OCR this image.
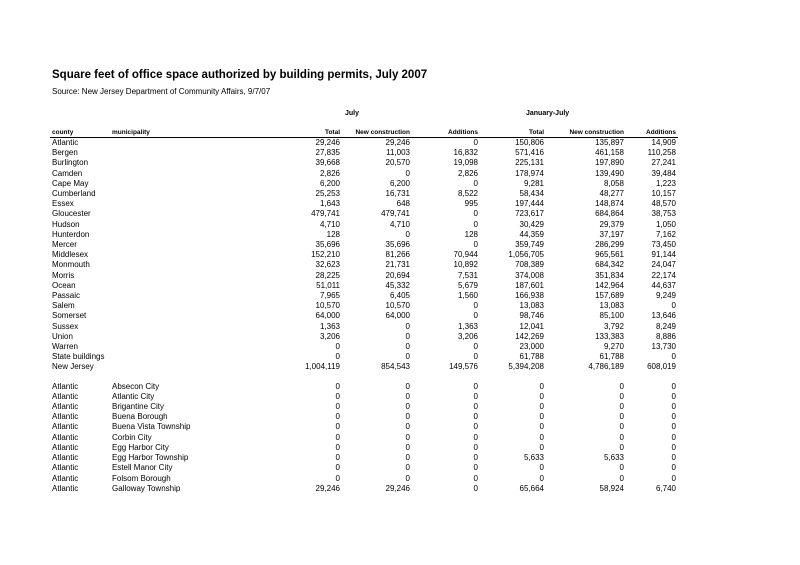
Square feet of office space authorized by building permits, July 2007
Source: New Jersey Department of Community Affairs, 9/7/07
July	January-July
county	municipality	Total	New construction	Additions	Total	New construction	Additions
Atlantic		29,246	29,246	0	150,806	135,897	14,909
Bergen		27,835	11,003	16,832	571,416	461,158	110,258
Burlington		39,668	20,570	19,098	225,131	197,890	27,241
Camden		2,826	0	2,826	178,974	139,490	39,484
Cape May		6,200	6,200	0	9,281	8,058	1,223
Cumberland		25,253	16,731	8,522	58,434	48,277	10,157
Essex		1,643	648	995	197,444	148,874	48,570
Gloucester		479,741	479,741	0	723,617	684,864	38,753
Hudson		4,710	4,710	0	30,429	29,379	1,050
Hunterdon		128	0	128	44,359	37,197	7,162
Mercer		35,696	35,696	0	359,749	286,299	73,450
Middlesex		152,210	81,266	70,944	1,056,705	965,561	91,144
Monmouth		32,623	21,731	10,892	708,389	684,342	24,047
Morris		28,225	20,694	7,531	374,008	351,834	22,174
Ocean		51,011	45,332	5,679	187,601	142,964	44,637
Passaic		7,965	6,405	1,560	166,938	157,689	9,249
Salem		10,570	10,570	0	13,083	13,083	0
Somerset		64,000	64,000	0	98,746	85,100	13,646
Sussex		1,363	0	1,363	12,041	3,792	8,249
Union		3,206	0	3,206	142,269	133,383	8,886
Warren		0	0	0	23,000	9,270	13,730
State buildings		0	0	0	61,788	61,788	0
New Jersey		1,004,119	854,543	149,576	5,394,208	4,786,189	608,019

Atlantic	Absecon City	0	0	0	0	0	0
Atlantic	Atlantic City	0	0	0	0	0	0
Atlantic	Brigantine City	0	0	0	0	0	0
Atlantic	Buena Borough	0	0	0	0	0	0
Atlantic	Buena Vista Township	0	0	0	0	0	0
Atlantic	Corbin City	0	0	0	0	0	0
Atlantic	Egg Harbor City	0	0	0	0	0	0
Atlantic	Egg Harbor Township	0	0	0	5,633	5,633	0
Atlantic	Estell Manor City	0	0	0	0	0	0
Atlantic	Folsom Borough	0	0	0	0	0	0
Atlantic	Galloway Township	29,246	29,246	0	65,664	58,924	6,740
